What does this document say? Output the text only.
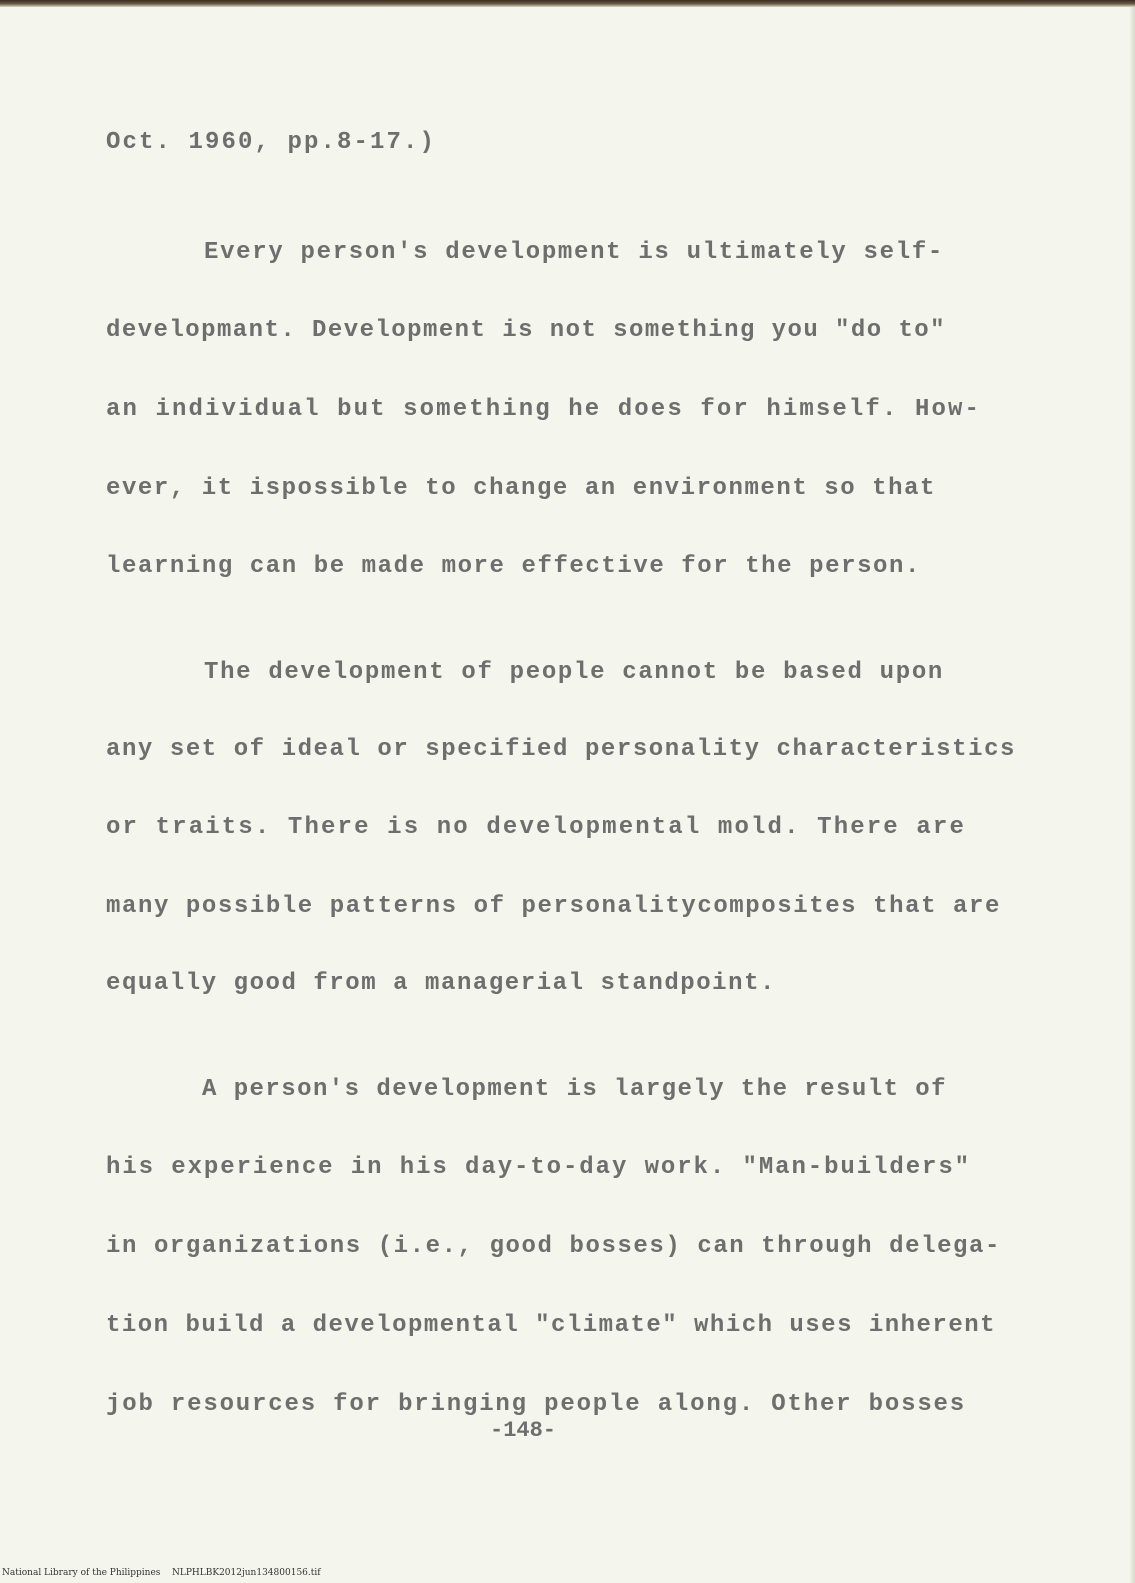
Oct. 1960, pp.8-17.)

Every person's development is ultimately self-

developmant. Development is not something you "do to"

an individual but something he does for himself. How-

ever, it ispossible to change an environment so that

learning can be made more effective for the person.

The development of people cannot be based upon

any set of ideal or specified personality characteristics

or traits. There is no developmental mold. There are

many possible patterns of personalitycomposites that are

equally good from a managerial standpoint.

A person's development is largely the result of

his experience in his day-to-day work. "Man-builders"

in organizations (i.e., good bosses) can through delega-

tion build a developmental "climate" which uses inherent

job resources for bringing people along. Other bosses

-148-

National Library of the Philippines NLPHLBK2012jun134800156.tif
